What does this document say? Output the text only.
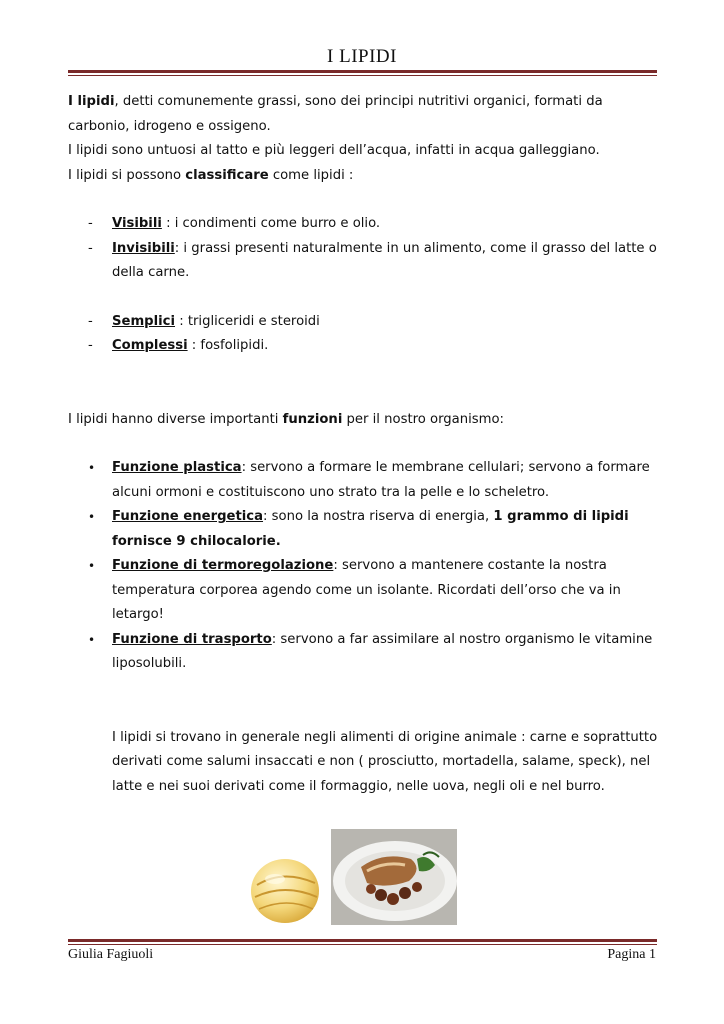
I LIPIDI

I lipidi, detti comunemente grassi, sono dei principi nutritivi organici, formati da carbonio, idrogeno e ossigeno.

I lipidi sono untuosi al tatto e più leggeri dell’acqua, infatti in acqua galleggiano.

I lipidi si possono classificare come lipidi :

- Visibili : i condimenti come burro e olio.
- Invisibili: i grassi presenti naturalmente in un alimento, come il grasso del latte o della carne.
- Semplici : trigliceridi e steroidi
- Complessi : fosfolipidi.

I lipidi hanno diverse importanti funzioni per il nostro organismo:

• Funzione plastica: servono a formare le membrane cellulari; servono a formare alcuni ormoni e costituiscono uno strato tra la pelle e lo scheletro.
• Funzione energetica: sono la nostra riserva di energia, 1 grammo di lipidi fornisce 9 chilocalorie.
• Funzione di termoregolazione: servono a mantenere costante la nostra temperatura corporea agendo come un isolante. Ricordati dell’orso che va in letargo!
• Funzione di trasporto: servono a far assimilare al nostro organismo le vitamine liposolubili.

I lipidi si trovano in generale negli alimenti di origine animale : carne e soprattutto derivati come salumi insaccati e non ( prosciutto, mortadella, salame, speck), nel latte e nei suoi derivati come il formaggio, nelle uova, negli oli e nel burro.

Giulia Fagiuoli	Pagina 1
